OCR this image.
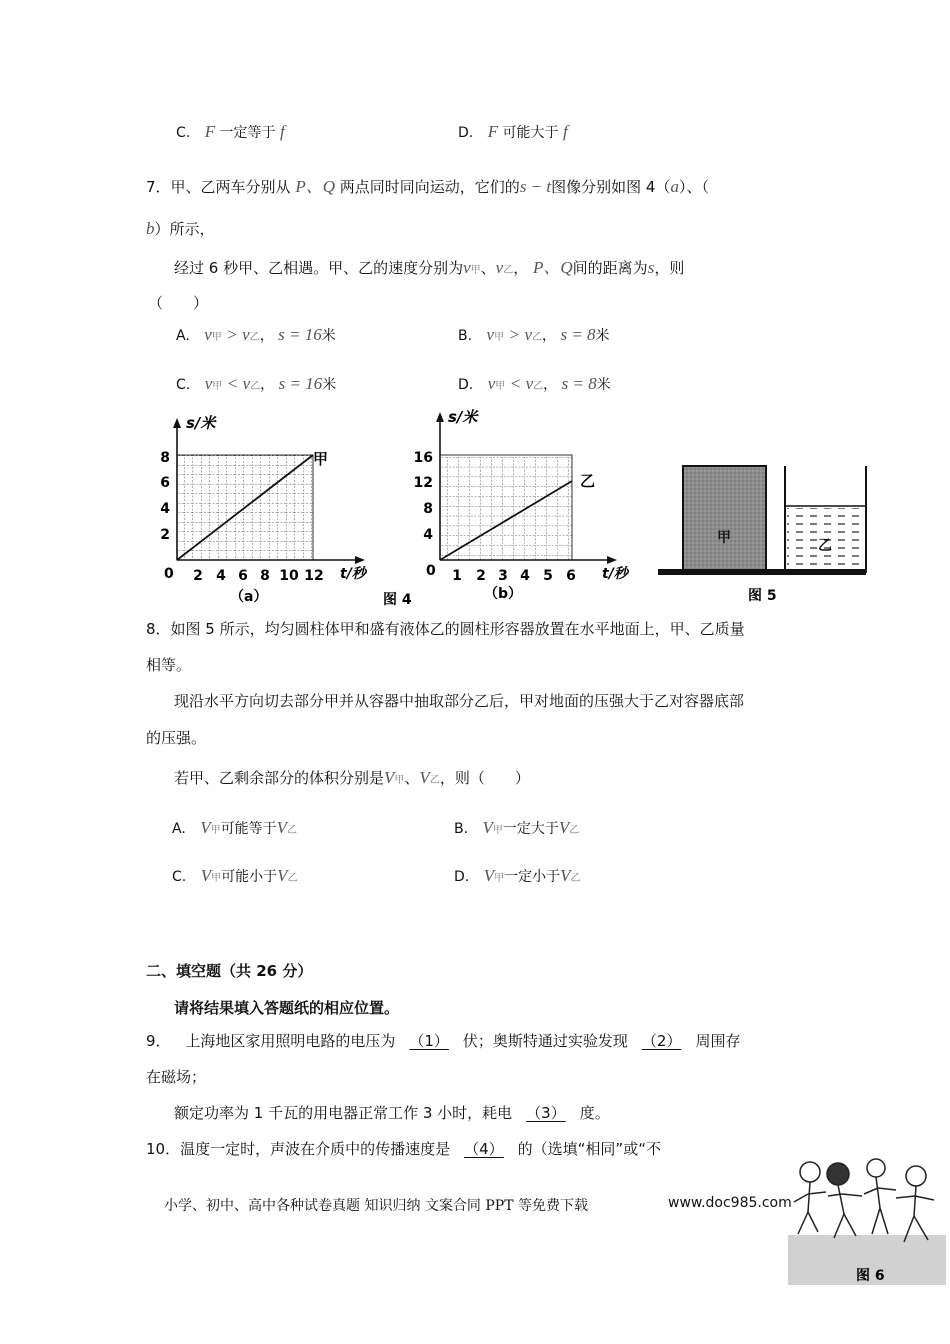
C. F 一定等于 f	D. F 可能大于 f
7．甲、乙两车分别从 P、Q 两点同时同向运动，它们的s − t图像分别如图 4（a）、（
b）所示，
经过 6 秒甲、乙相遇。甲、乙的速度分别为v甲、v乙， P、Q间的距离为s，则
（　　）
A. v甲 > v乙， s = 16米	B. v甲 > v乙， s = 8米
C. v甲 < v乙， s = 16米	D. v甲 < v乙， s = 8米
s/米
t/秒
甲
0
2
4
6
8
2 4 6 8 10 12
（a）
s/米
t/秒
乙
0
4
8
12
16
1 2 3 4 5 6
（b）
图 4
甲	乙
图 5
8．如图 5 所示，均匀圆柱体甲和盛有液体乙的圆柱形容器放置在水平地面上，甲、乙质量
相等。
现沿水平方向切去部分甲并从容器中抽取部分乙后，甲对地面的压强大于乙对容器底部
的压强。
若甲、乙剩余部分的体积分别是V甲、V乙，则（　　）
A. V甲可能等于V乙	B. V甲一定大于V乙
C. V甲可能小于V乙	D. V甲一定小于V乙
二、填空题（共 26 分）
请将结果填入答题纸的相应位置。
9． 上海地区家用照明电路的电压为 （1） 伏；奥斯特通过实验发现 （2） 周围存
在磁场；
额定功率为 1 千瓦的用电器正常工作 3 小时，耗电 （3） 度。
10．温度一定时，声波在介质中的传播速度是 （4） 的（选填“相同”或“不
小学、初中、高中各种试卷真题 知识归纳 文案合同 PPT 等免费下载	www.doc985.com
图 6
